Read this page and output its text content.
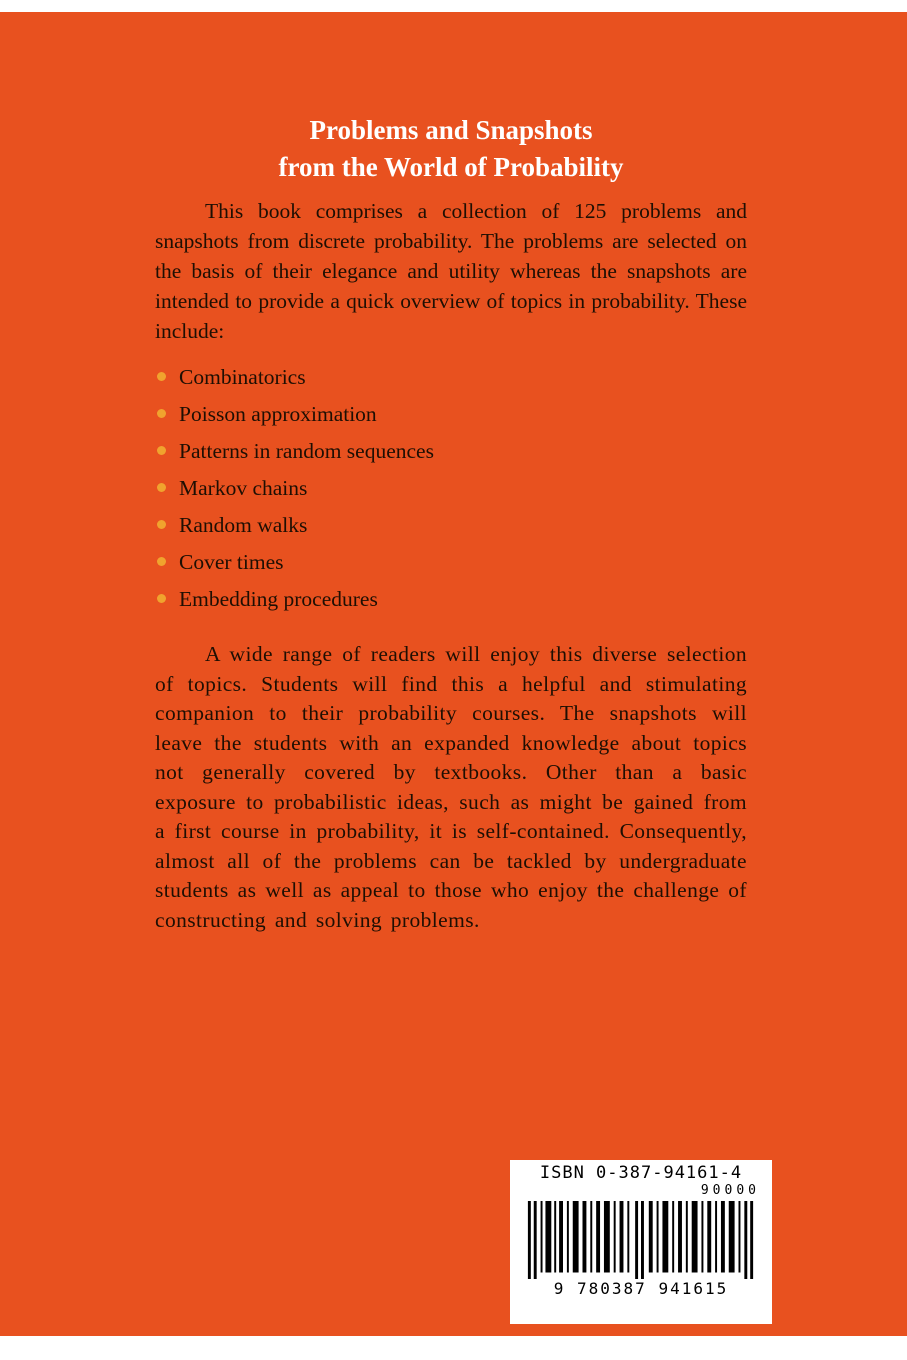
Problems and Snapshots
from the World of Probability

This book comprises a collection of 125 problems and snapshots from discrete probability. The problems are selected on the basis of their elegance and utility whereas the snapshots are intended to provide a quick overview of topics in probability. These include:

Combinatorics
Poisson approximation
Patterns in random sequences
Markov chains
Random walks
Cover times
Embedding procedures

A wide range of readers will enjoy this diverse selection of topics. Students will find this a helpful and stimulating companion to their probability courses. The snapshots will leave the students with an expanded knowledge about topics not generally covered by textbooks. Other than a basic exposure to probabilistic ideas, such as might be gained from a first course in probability, it is self-contained. Consequently, almost all of the problems can be tackled by undergraduate students as well as appeal to those who enjoy the challenge of constructing and solving problems.

ISBN 0-387-94161-4
90000
9 780387 941615
